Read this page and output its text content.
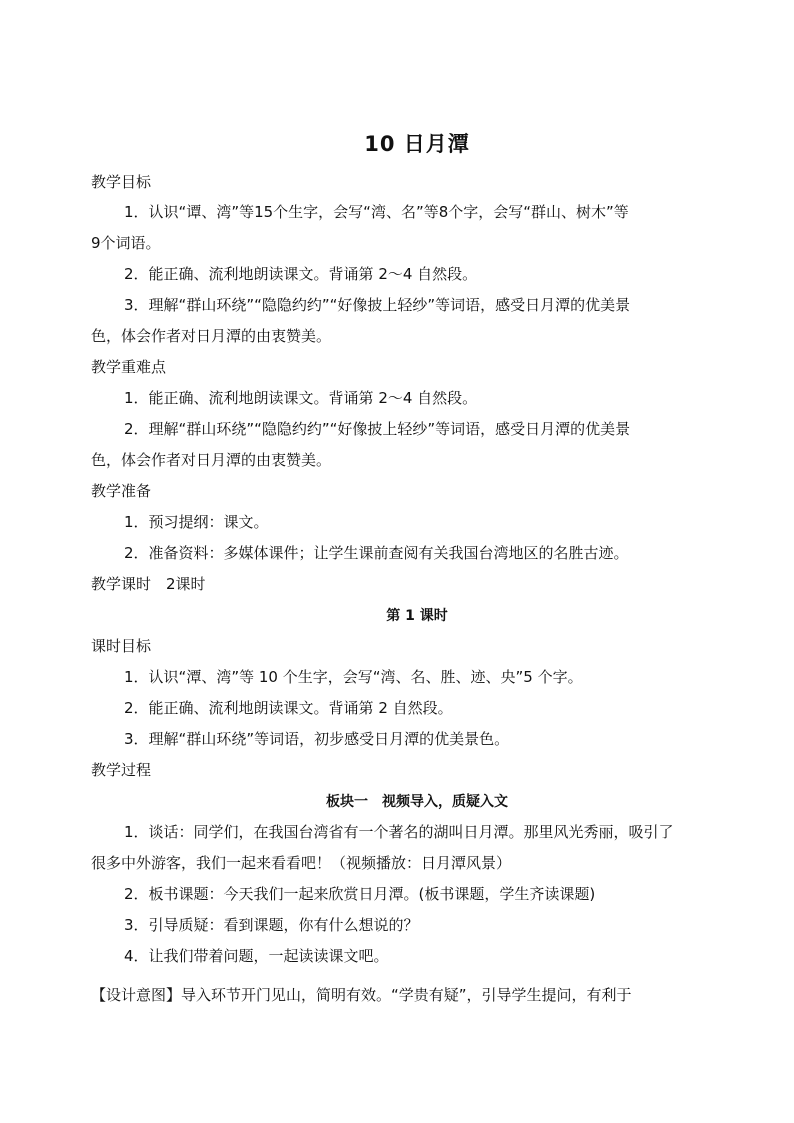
10 日月潭
教学目标
1．认识“谭、湾”等15个生字，会写“湾、名”等8个字，会写“群山、树木”等
9个词语。
2．能正确、流利地朗读课文。背诵第 2～4 自然段。
3．理解“群山环绕”“隐隐约约”“好像披上轻纱”等词语，感受日月潭的优美景
色，体会作者对日月潭的由衷赞美。
教学重难点
1．能正确、流利地朗读课文。背诵第 2～4 自然段。
2．理解“群山环绕”“隐隐约约”“好像披上轻纱”等词语，感受日月潭的优美景
色，体会作者对日月潭的由衷赞美。
教学准备
1．预习提纲：课文。
2．准备资料：多媒体课件；让学生课前查阅有关我国台湾地区的名胜古迹。
教学课时　2课时
第 1 课时
课时目标
1．认识“潭、湾”等 10 个生字，会写“湾、名、胜、迹、央”5 个字。
2．能正确、流利地朗读课文。背诵第 2 自然段。
3．理解“群山环绕”等词语，初步感受日月潭的优美景色。
教学过程
板块一　视频导入，质疑入文
1．谈话：同学们，在我国台湾省有一个著名的湖叫日月潭。那里风光秀丽，吸引了
很多中外游客，我们一起来看看吧！（视频播放：日月潭风景）
2．板书课题：今天我们一起来欣赏日月潭。(板书课题，学生齐读课题)
3．引导质疑：看到课题，你有什么想说的？
4．让我们带着问题，一起读读课文吧。
【设计意图】导入环节开门见山，简明有效。“学贵有疑”，引导学生提问，有利于
